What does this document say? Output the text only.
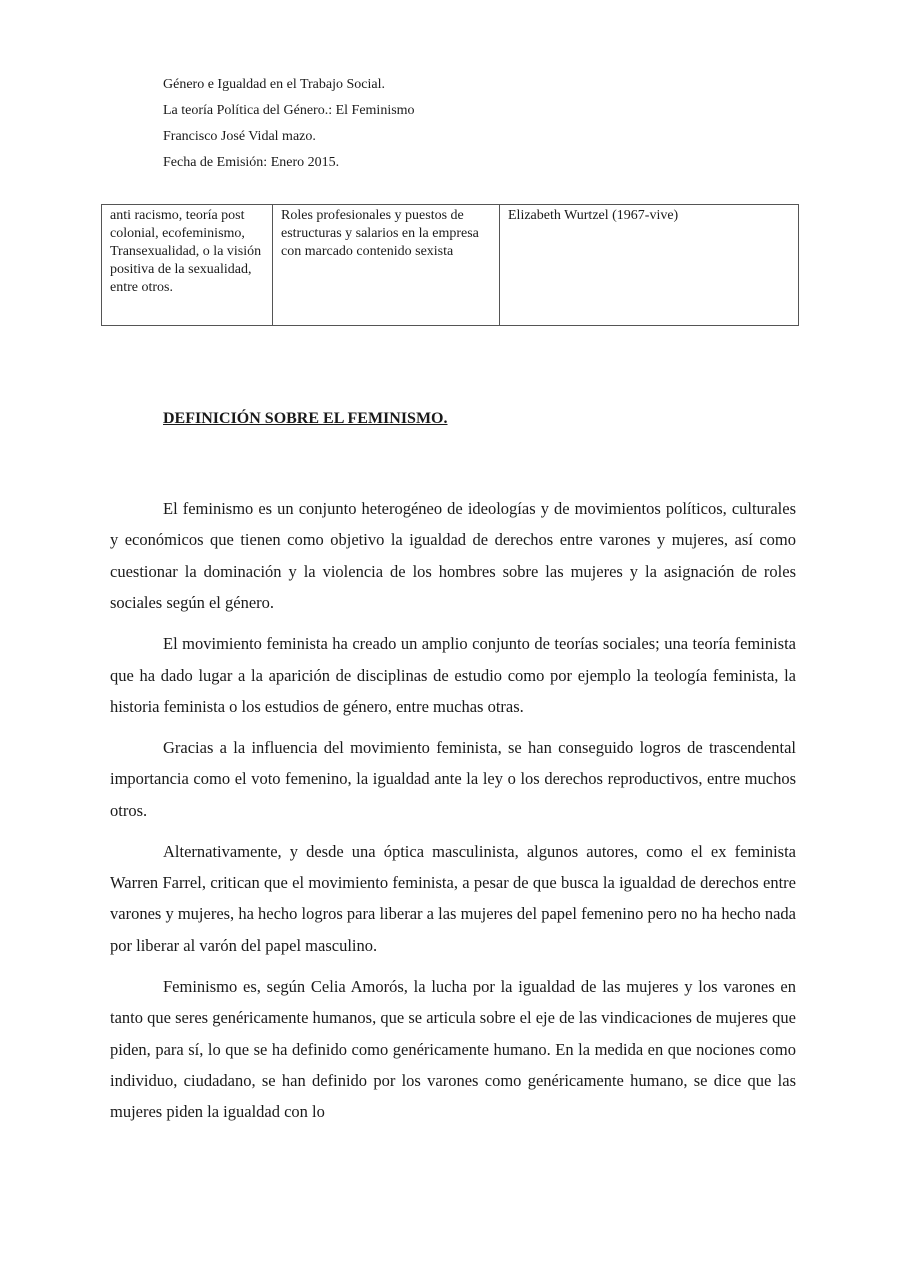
Género e Igualdad en el Trabajo Social.
La teoría Política del Género.: El Feminismo
Francisco José Vidal mazo.
Fecha de Emisión: Enero 2015.
anti racismo, teoría post colonial, ecofeminismo, Transexualidad, o la visión positiva de la sexualidad, entre otros.	Roles profesionales y puestos de estructuras y salarios en la empresa con marcado contenido sexista	Elizabeth Wurtzel (1967-vive)
DEFINICIÓN SOBRE EL FEMINISMO.

El feminismo es un conjunto heterogéneo de ideologías y de movimientos políticos, culturales y económicos que tienen como objetivo la igualdad de derechos entre varones y mujeres, así como cuestionar la dominación y la violencia de los hombres sobre las mujeres y la asignación de roles sociales según el género.

El movimiento feminista ha creado un amplio conjunto de teorías sociales; una teoría feminista que ha dado lugar a la aparición de disciplinas de estudio como por ejemplo la teología feminista, la historia feminista o los estudios de género, entre muchas otras.

Gracias a la influencia del movimiento feminista, se han conseguido logros de trascendental importancia como el voto femenino, la igualdad ante la ley o los derechos reproductivos, entre muchos otros.

Alternativamente, y desde una óptica masculinista, algunos autores, como el ex feminista Warren Farrel, critican que el movimiento feminista, a pesar de que busca la igualdad de derechos entre varones y mujeres, ha hecho logros para liberar a las mujeres del papel femenino pero no ha hecho nada por liberar al varón del papel masculino.

Feminismo es, según Celia Amorós, la lucha por la igualdad de las mujeres y los varones en tanto que seres genéricamente humanos, que se articula sobre el eje de las vindicaciones de mujeres que piden, para sí, lo que se ha definido como genéricamente humano. En la medida en que nociones como individuo, ciudadano, se han definido por los varones como genéricamente humano, se dice que las mujeres piden la igualdad con lo
